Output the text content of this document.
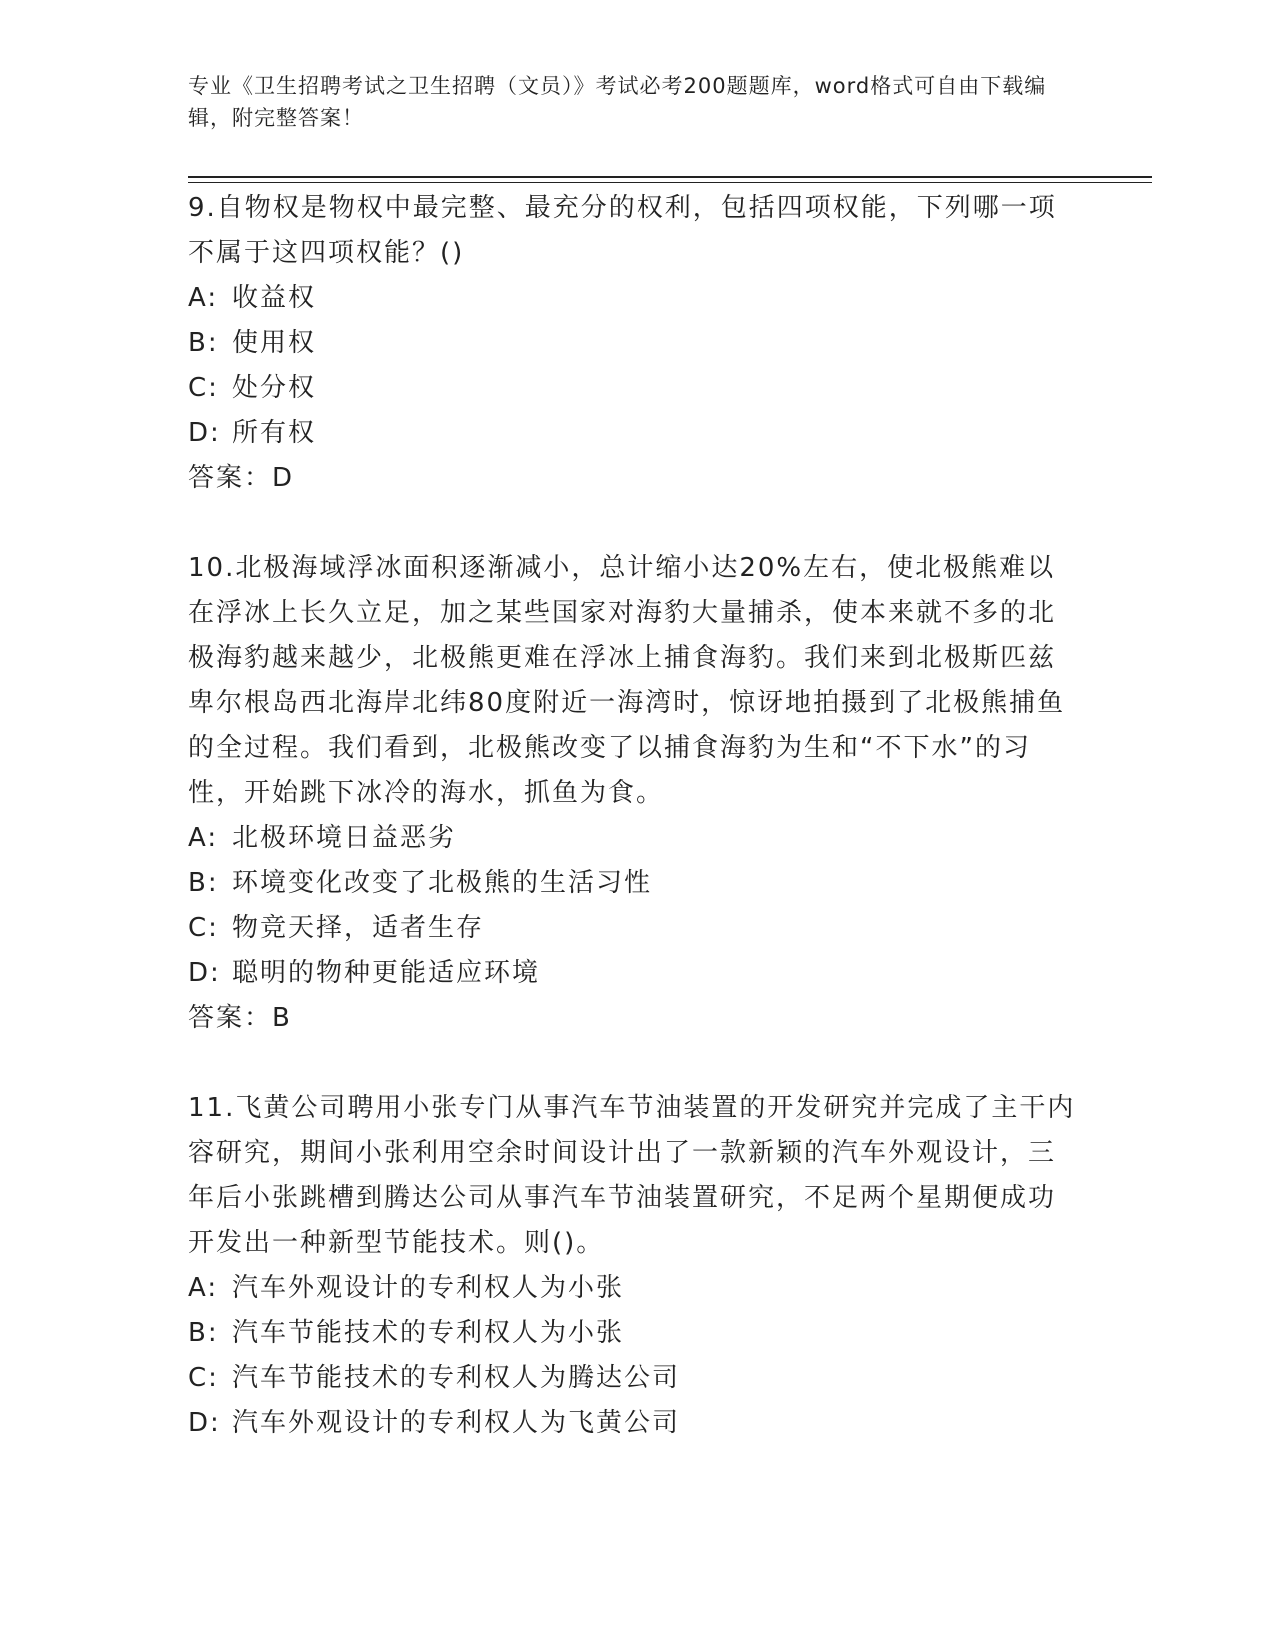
专业《卫生招聘考试之卫生招聘（文员）》考试必考200题题库，word格式可自由下载编辑，附完整答案！

9.自物权是物权中最完整、最充分的权利，包括四项权能，下列哪一项不属于这四项权能？()

A: 收益权

B: 使用权

C: 处分权

D: 所有权

答案：D

10.北极海域浮冰面积逐渐减小，总计缩小达20%左右，使北极熊难以在浮冰上长久立足，加之某些国家对海豹大量捕杀，使本来就不多的北极海豹越来越少，北极熊更难在浮冰上捕食海豹。我们来到北极斯匹兹卑尔根岛西北海岸北纬80度附近一海湾时，惊讶地拍摄到了北极熊捕鱼的全过程。我们看到，北极熊改变了以捕食海豹为生和“不下水”的习性，开始跳下冰冷的海水，抓鱼为食。

A: 北极环境日益恶劣

B: 环境变化改变了北极熊的生活习性

C: 物竞天择，适者生存

D: 聪明的物种更能适应环境

答案：B

11.飞黄公司聘用小张专门从事汽车节油装置的开发研究并完成了主干内容研究，期间小张利用空余时间设计出了一款新颖的汽车外观设计，三年后小张跳槽到腾达公司从事汽车节油装置研究，不足两个星期便成功开发出一种新型节能技术。则()。

A: 汽车外观设计的专利权人为小张

B: 汽车节能技术的专利权人为小张

C: 汽车节能技术的专利权人为腾达公司

D: 汽车外观设计的专利权人为飞黄公司
